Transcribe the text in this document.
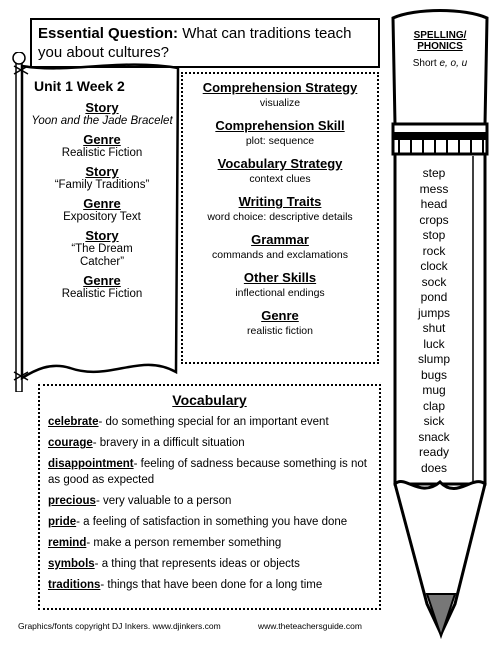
Essential Question: What can traditions teach you about cultures?
Unit 1 Week 2
Story
Yoon and the Jade Bracelet
Genre
Realistic Fiction
Story
“Family Traditions”
Genre
Expository Text
Story
“The Dream Catcher”
Genre
Realistic Fiction
Comprehension Strategy
visualize
Comprehension Skill
plot: sequence
Vocabulary Strategy
context clues
Writing Traits
word choice: descriptive details
Grammar
commands and exclamations
Other Skills
inflectional endings
Genre
realistic fiction
Vocabulary
celebrate- do something special for an important event
courage- bravery in a difficult situation
disappointment- feeling of sadness because something is not as good as expected
precious- very valuable to a person
pride- a feeling of satisfaction in something you have done
remind- make a person remember something
symbols- a thing that represents ideas or objects
traditions- things that have been done for a long time
SPELLING/
PHONICS
Short e, o, u
step
mess
head
crops
stop
rock
clock
sock
pond
jumps
shut
luck
slump
bugs
mug
clap
sick
snack
ready
does
Graphics/fonts copyright DJ Inkers. www.djinkers.com	www.theteachersguide.com
